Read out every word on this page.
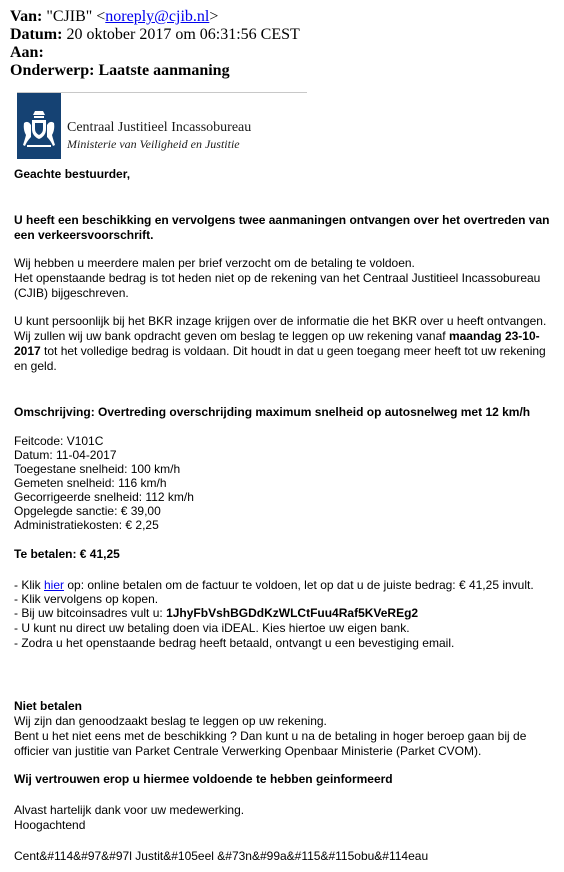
Van: "CJIB" <noreply@cjib.nl>
Datum: 20 oktober 2017 om 06:31:56 CEST
Aan:
Onderwerp: Laatste aanmaning
Centraal Justitieel Incassobureau
Ministerie van Veiligheid en Justitie
Geachte bestuurder,
U heeft een beschikking en vervolgens twee aanmaningen ontvangen over het overtreden van
een verkeersvoorschrift.
Wij hebben u meerdere malen per brief verzocht om de betaling te voldoen.
Het openstaande bedrag is tot heden niet op de rekening van het Centraal Justitieel Incassobureau
(CJIB) bijgeschreven.
U kunt persoonlijk bij het BKR inzage krijgen over de informatie die het BKR over u heeft ontvangen.
Wij zullen wij uw bank opdracht geven om beslag te leggen op uw rekening vanaf maandag 23-10-
2017 tot het volledige bedrag is voldaan. Dit houdt in dat u geen toegang meer heeft tot uw rekening
en geld.
Omschrijving: Overtreding overschrijding maximum snelheid op autosnelweg met 12 km/h
Feitcode: V101C
Datum: 11-04-2017
Toegestane snelheid: 100 km/h
Gemeten snelheid: 116 km/h
Gecorrigeerde snelheid: 112 km/h
Opgelegde sanctie: € 39,00
Administratiekosten: € 2,25
Te betalen: € 41,25
- Klik hier op: online betalen om de factuur te voldoen, let op dat u de juiste bedrag: € 41,25 invult.
- Klik vervolgens op kopen.
- Bij uw bitcoinsadres vult u: 1JhyFbVshBGDdKzWLCtFuu4Raf5KVeREg2
- U kunt nu direct uw betaling doen via iDEAL. Kies hiertoe uw eigen bank.
- Zodra u het openstaande bedrag heeft betaald, ontvangt u een bevestiging email.
Niet betalen
Wij zijn dan genoodzaakt beslag te leggen op uw rekening.
Bent u het niet eens met de beschikking ? Dan kunt u na de betaling in hoger beroep gaan bij de
officier van justitie van Parket Centrale Verwerking Openbaar Ministerie (Parket CVOM).
Wij vertrouwen erop u hiermee voldoende te hebben geinformeerd
Alvast hartelijk dank voor uw medewerking.
Hoogachtend
Cent&#114&#97&#97l Justit&#105eel &#73n&#99a&#115&#115obu&#114eau
